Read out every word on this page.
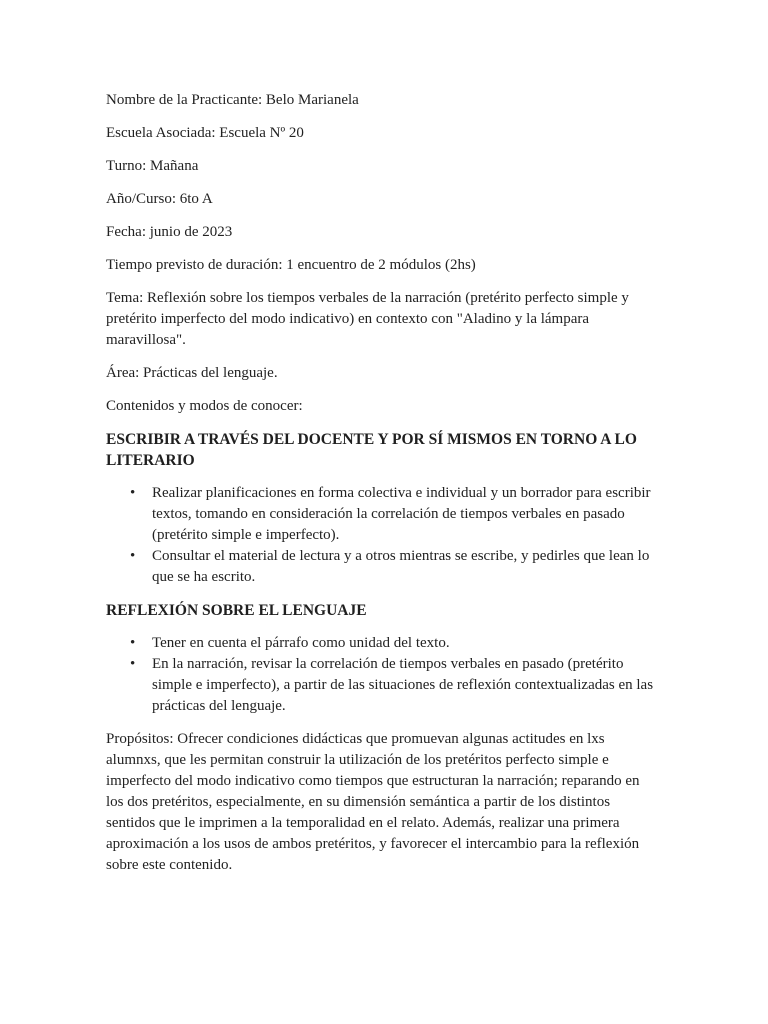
Nombre de la Practicante: Belo Marianela

Escuela Asociada: Escuela Nº 20

Turno: Mañana

Año/Curso: 6to A

Fecha: junio de 2023

Tiempo previsto de duración: 1 encuentro de 2 módulos (2hs)

Tema: Reflexión sobre los tiempos verbales de la narración (pretérito perfecto simple y pretérito imperfecto del modo indicativo) en contexto con "Aladino y la lámpara maravillosa".

Área: Prácticas del lenguaje.

Contenidos y modos de conocer:

ESCRIBIR A TRAVÉS DEL DOCENTE Y POR SÍ MISMOS EN TORNO A LO LITERARIO

• Realizar planificaciones en forma colectiva e individual y un borrador para escribir textos, tomando en consideración la correlación de tiempos verbales en pasado (pretérito simple e imperfecto).
• Consultar el material de lectura y a otros mientras se escribe, y pedirles que lean lo que se ha escrito.

REFLEXIÓN SOBRE EL LENGUAJE

• Tener en cuenta el párrafo como unidad del texto.
• En la narración, revisar la correlación de tiempos verbales en pasado (pretérito simple e imperfecto), a partir de las situaciones de reflexión contextualizadas en las prácticas del lenguaje.

Propósitos: Ofrecer condiciones didácticas que promuevan algunas actitudes en lxs alumnxs, que les permitan construir la utilización de los pretéritos perfecto simple e imperfecto del modo indicativo como tiempos que estructuran la narración; reparando en los dos pretéritos, especialmente, en su dimensión semántica a partir de los distintos sentidos que le imprimen a la temporalidad en el relato. Además, realizar una primera aproximación a los usos de ambos pretéritos, y favorecer el intercambio para la reflexión sobre este contenido.
